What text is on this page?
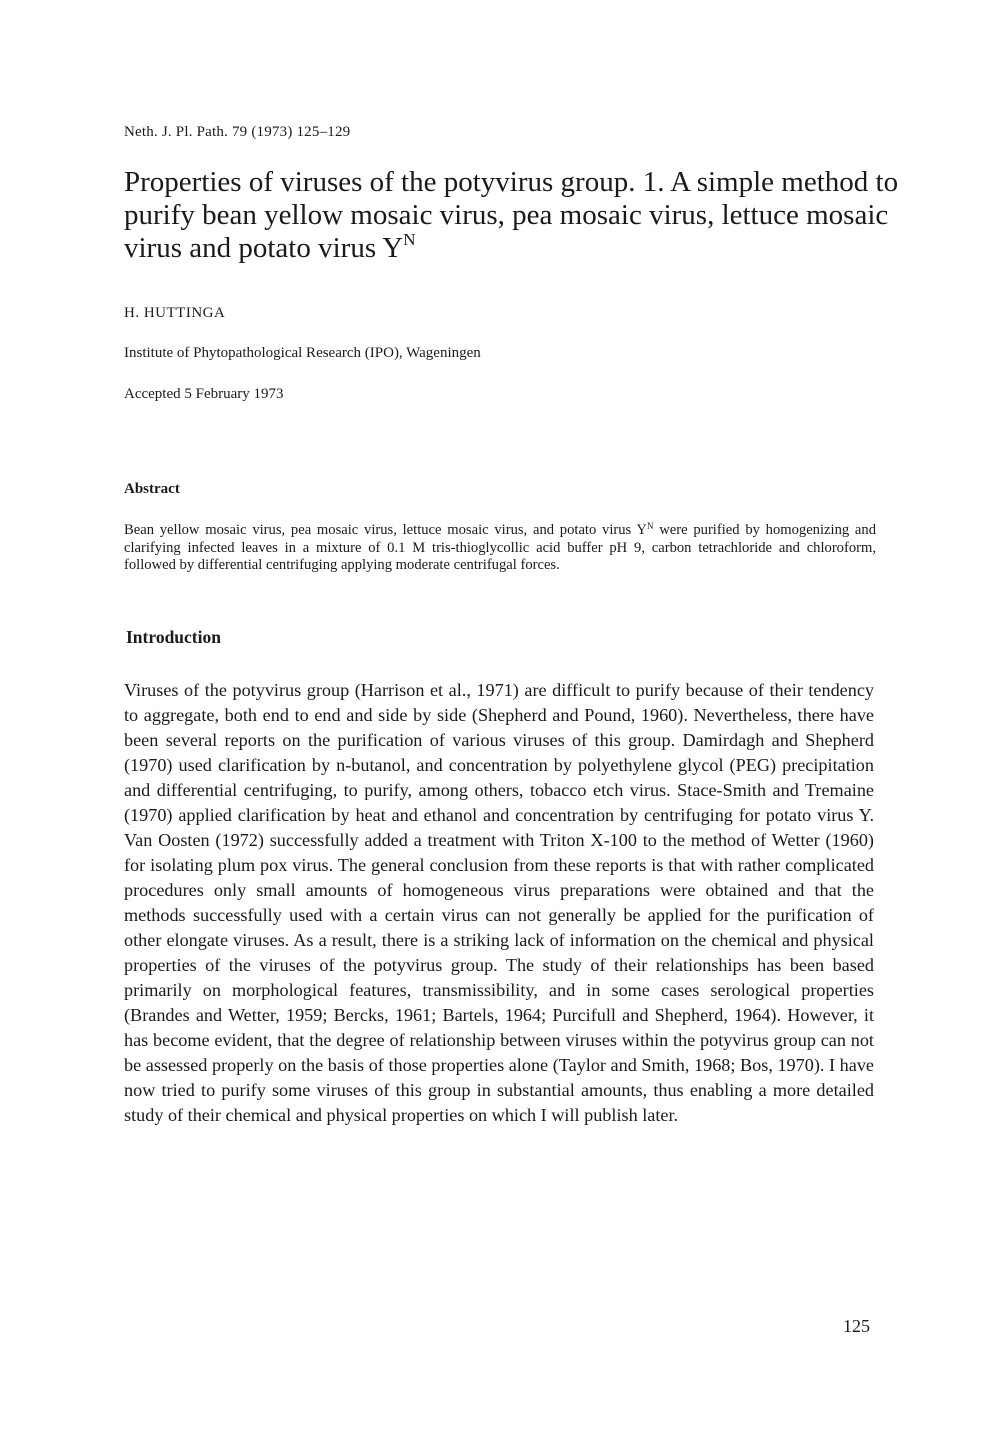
Neth. J. Pl. Path. 79 (1973) 125–129
Properties of viruses of the potyvirus group. 1. A simple method to purify bean yellow mosaic virus, pea mosaic virus, lettuce mosaic virus and potato virus $Y^N$
H. HUTTINGA
Institute of Phytopathological Research (IPO), Wageningen
Accepted 5 February 1973
Abstract

Bean yellow mosaic virus, pea mosaic virus, lettuce mosaic virus, and potato virus $Y^N$ were purified by homogenizing and clarifying infected leaves in a mixture of 0.1 M tris-thioglycollic acid buffer pH 9, carbon tetrachloride and chloroform, followed by differential centrifuging applying moderate centrifugal forces.

Introduction

Viruses of the potyvirus group (Harrison et al., 1971) are difficult to purify because of their tendency to aggregate, both end to end and side by side (Shepherd and Pound, 1960). Nevertheless, there have been several reports on the purification of various viruses of this group. Damirdagh and Shepherd (1970) used clarification by n-butanol, and concentration by polyethylene glycol (PEG) precipitation and differential centrifuging, to purify, among others, tobacco etch virus. Stace-Smith and Tremaine (1970) applied clarification by heat and ethanol and concentration by centrifuging for potato virus Y. Van Oosten (1972) successfully added a treatment with Triton X-100 to the method of Wetter (1960) for isolating plum pox virus. The general conclusion from these reports is that with rather complicated procedures only small amounts of homogeneous virus preparations were obtained and that the methods successfully used with a certain virus can not generally be applied for the purification of other elongate viruses. As a result, there is a striking lack of information on the chemical and physical properties of the viruses of the potyvirus group. The study of their relationships has been based primarily on morphological features, transmissibility, and in some cases serological properties (Brandes and Wetter, 1959; Bercks, 1961; Bartels, 1964; Purcifull and Shepherd, 1964). However, it has become evident, that the degree of relationship between viruses within the potyvirus group can not be assessed properly on the basis of those properties alone (Taylor and Smith, 1968; Bos, 1970). I have now tried to purify some viruses of this group in substantial amounts, thus enabling a more detailed study of their chemical and physical properties on which I will publish later.

125
